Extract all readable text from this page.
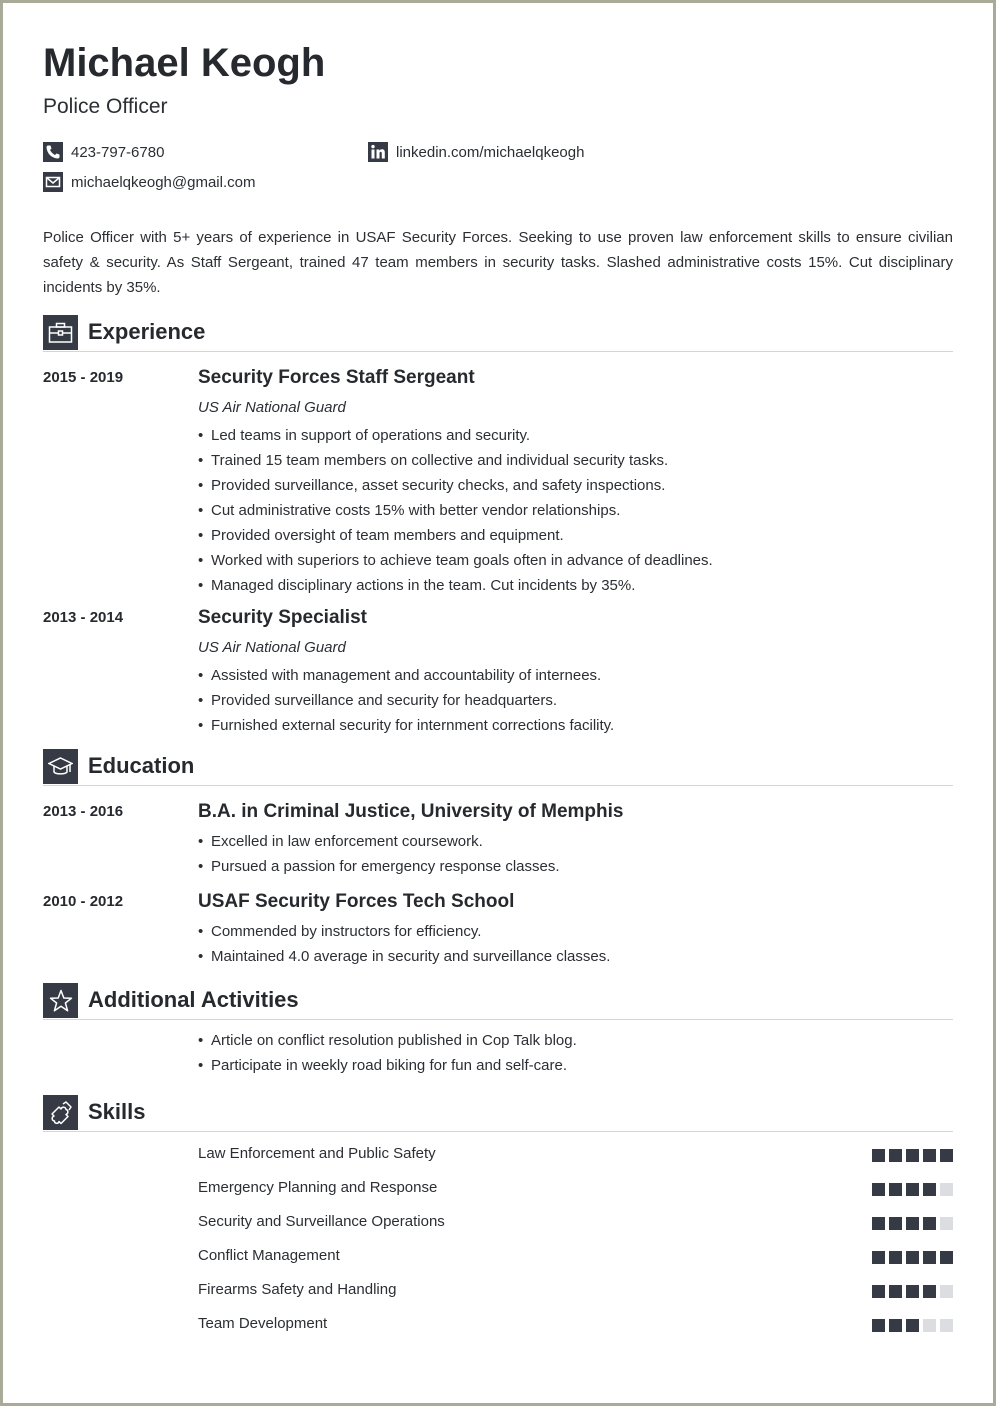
Michael Keogh
Police Officer
423-797-6780	linkedin.com/michaelqkeogh
michaelqkeogh@gmail.com
Police Officer with 5+ years of experience in USAF Security Forces. Seeking to use proven law enforcement skills to ensure civilian safety & security. As Staff Sergeant, trained 47 team members in security tasks. Slashed administrative costs 15%. Cut disciplinary incidents by 35%.
Experience
2015 - 2019	Security Forces Staff Sergeant
US Air National Guard
• Led teams in support of operations and security.
• Trained 15 team members on collective and individual security tasks.
• Provided surveillance, asset security checks, and safety inspections.
• Cut administrative costs 15% with better vendor relationships.
• Provided oversight of team members and equipment.
• Worked with superiors to achieve team goals often in advance of deadlines.
• Managed disciplinary actions in the team. Cut incidents by 35%.
2013 - 2014	Security Specialist
US Air National Guard
• Assisted with management and accountability of internees.
• Provided surveillance and security for headquarters.
• Furnished external security for internment corrections facility.
Education
2013 - 2016	B.A. in Criminal Justice, University of Memphis
• Excelled in law enforcement coursework.
• Pursued a passion for emergency response classes.
2010 - 2012	USAF Security Forces Tech School
• Commended by instructors for efficiency.
• Maintained 4.0 average in security and surveillance classes.
Additional Activities
• Article on conflict resolution published in Cop Talk blog.
• Participate in weekly road biking for fun and self-care.
Skills
Law Enforcement and Public Safety
Emergency Planning and Response
Security and Surveillance Operations
Conflict Management
Firearms Safety and Handling
Team Development
